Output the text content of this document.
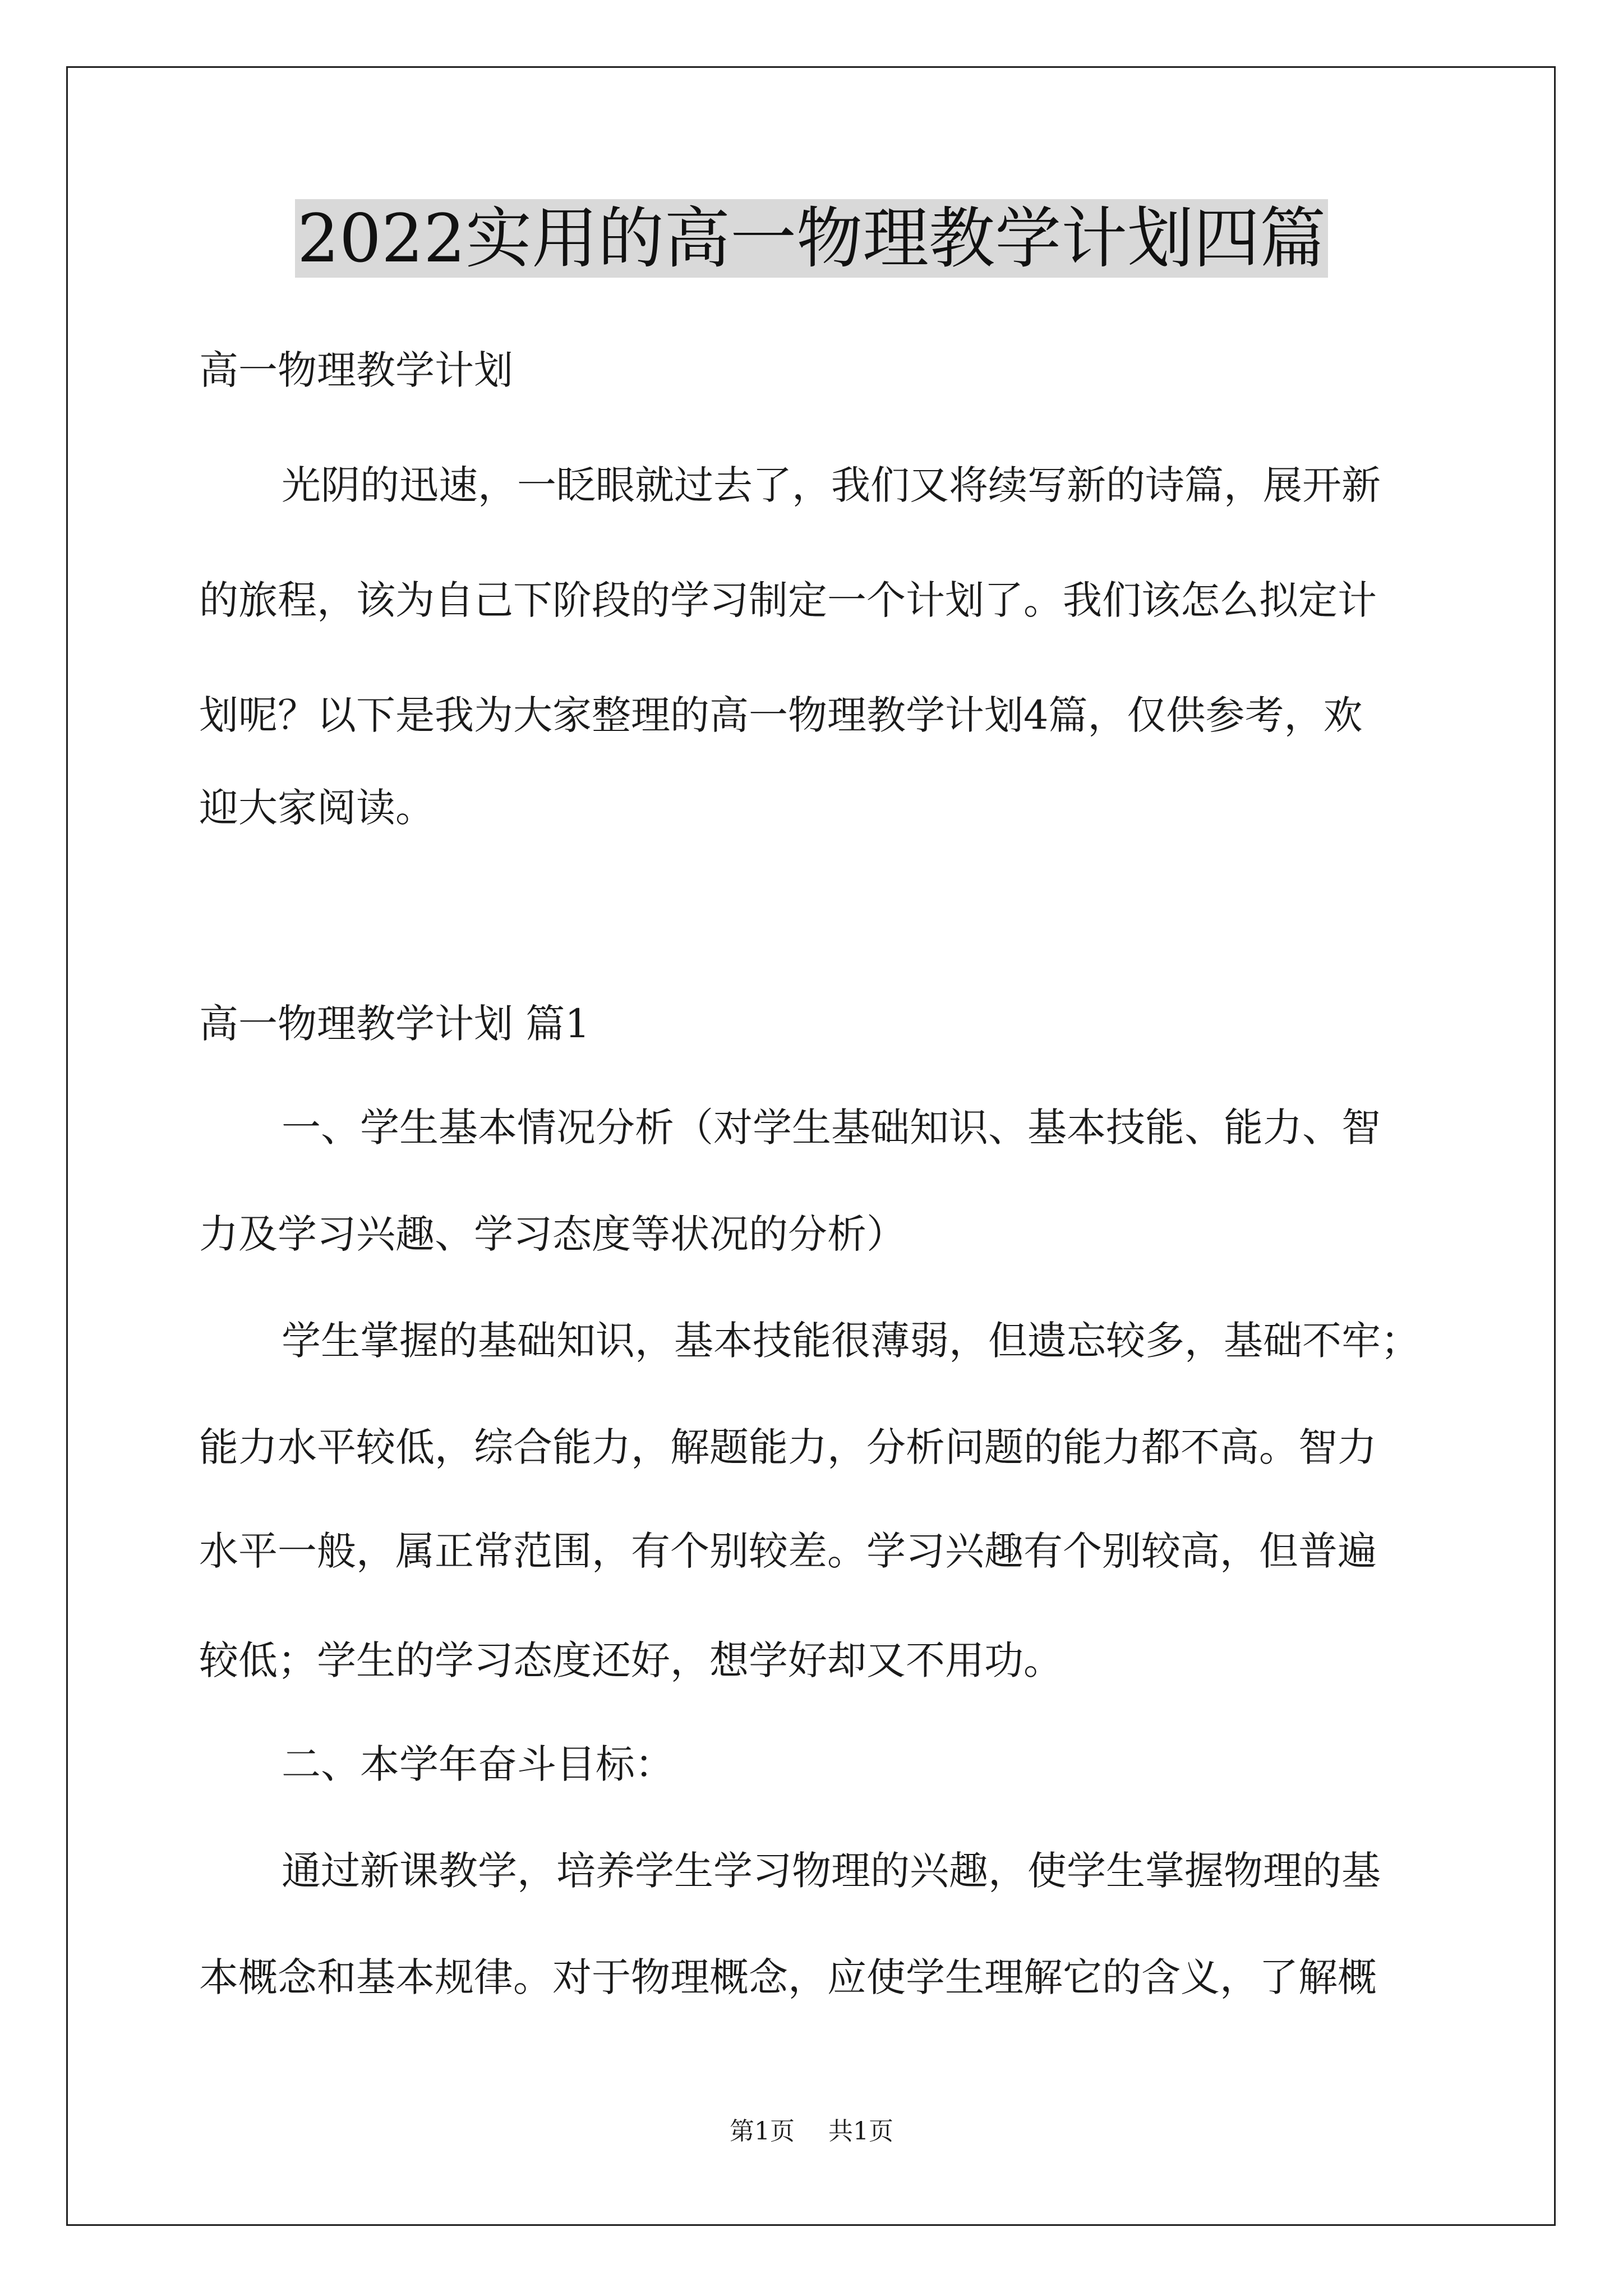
2022实用的高一物理教学计划四篇
高一物理教学计划
光阴的迅速，一眨眼就过去了，我们又将续写新的诗篇，展开新
的旅程，该为自己下阶段的学习制定一个计划了。我们该怎么拟定计
划呢？以下是我为大家整理的高一物理教学计划4篇，仅供参考，欢
迎大家阅读。
高一物理教学计划 篇1
一、学生基本情况分析（对学生基础知识、基本技能、能力、智
力及学习兴趣、学习态度等状况的分析）
学生掌握的基础知识，基本技能很薄弱，但遗忘较多，基础不牢；
能力水平较低，综合能力，解题能力，分析问题的能力都不高。智力
水平一般，属正常范围，有个别较差。学习兴趣有个别较高，但普遍
较低；学生的学习态度还好，想学好却又不用功。
二、本学年奋斗目标：
通过新课教学，培养学生学习物理的兴趣，使学生掌握物理的基
本概念和基本规律。对于物理概念，应使学生理解它的含义，了解概
第1页 共1页
